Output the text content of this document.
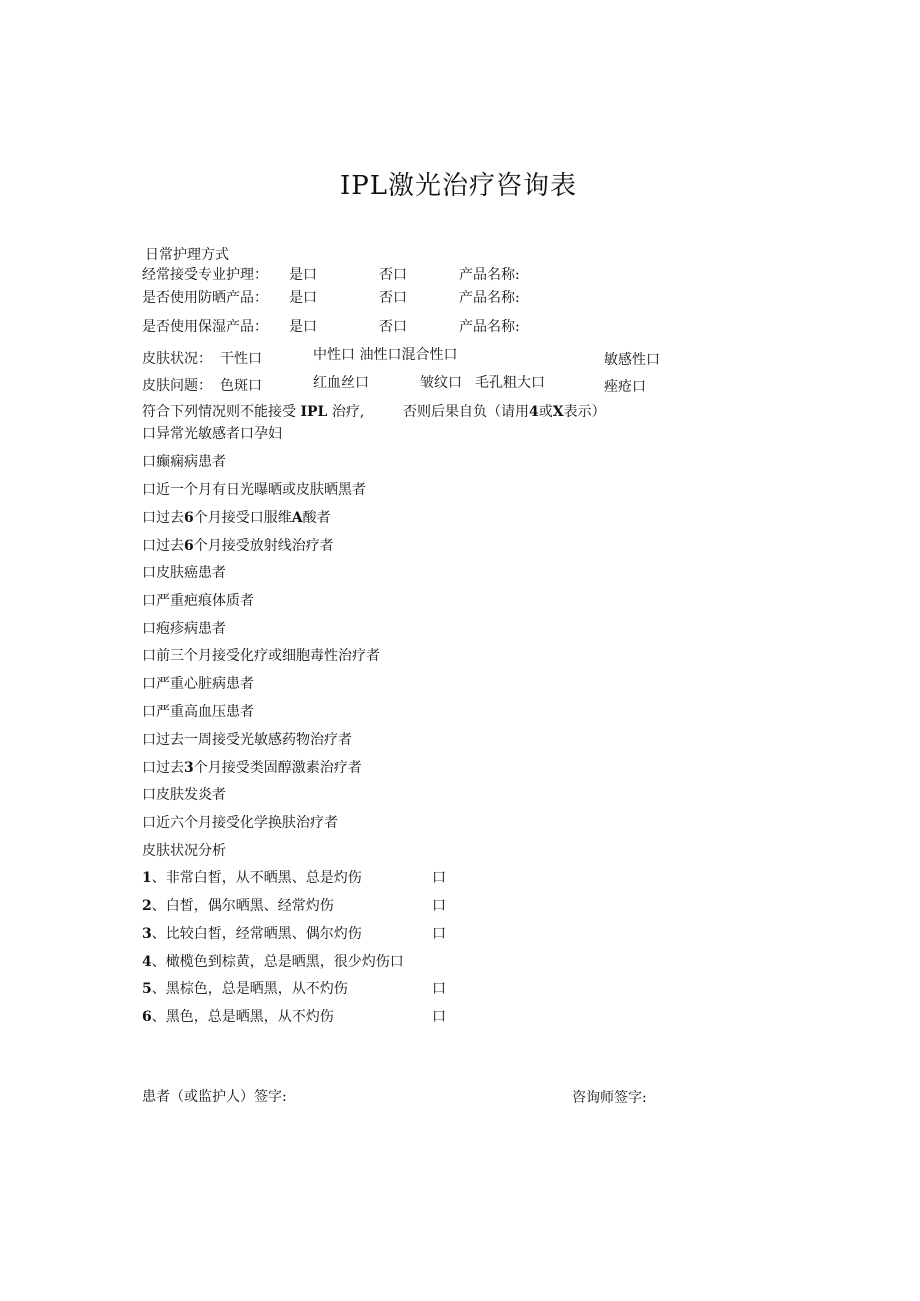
IPL激光治疗咨询表
日常护理方式
经常接受专业护理： 是口	否口	产品名称:
是否使用防晒产品： 是口	否口	产品名称:
是否使用保湿产品： 是口	否口	产品名称:
皮肤状况： 干性口	中性口 油性口混合性口	敏感性口
皮肤问题： 色斑口	红血丝口	皱纹口 毛孔粗大口	痤疮口
符合下列情况则不能接受 IPL 治疗,	否则后果自负（请用4或X表示）
口异常光敏感者口孕妇
口癫痫病患者
口近一个月有日光曝晒或皮肤晒黑者
口过去6个月接受口服维A酸者
口过去6个月接受放射线治疗者
口皮肤癌患者
口严重疤痕体质者
口疱疹病患者
口前三个月接受化疗或细胞毒性治疗者
口严重心脏病患者
口严重高血压患者
口过去一周接受光敏感药物治疗者
口过去3个月接受类固醇激素治疗者
口皮肤发炎者
口近六个月接受化学换肤治疗者
皮肤状况分析
1、非常白皙，从不晒黑、总是灼伤	口
2、白皙，偶尔晒黑、经常灼伤	口
3、比较白皙，经常晒黑、偶尔灼伤	口
4、橄榄色到棕黄，总是晒黑，很少灼伤口
5、黑棕色，总是晒黑，从不灼伤	口
6、黑色，总是晒黑，从不灼伤	口
患者（或监护人）签字:	咨询师签字:
